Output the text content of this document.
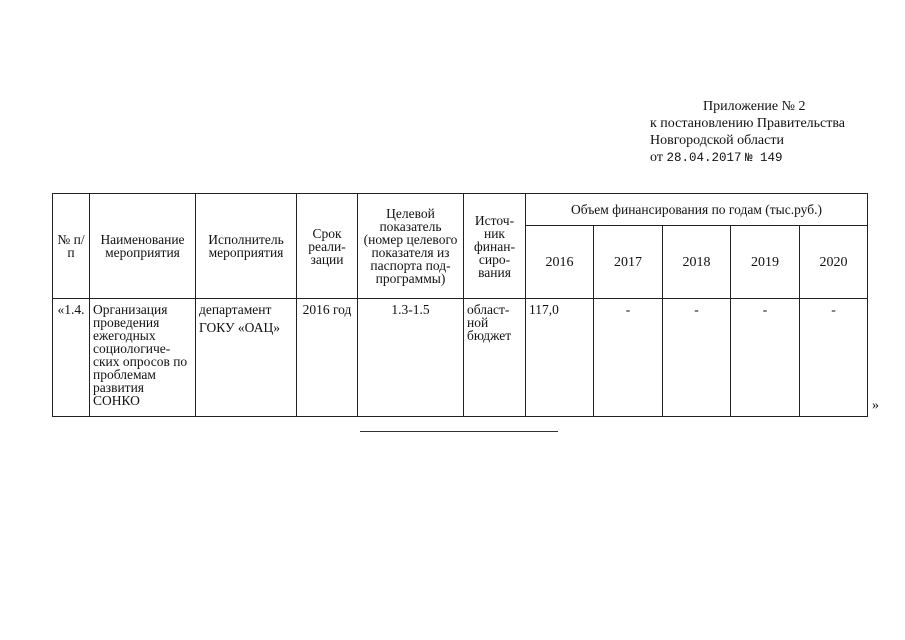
Приложение № 2
к постановлению Правительства
Новгородской области
от 28.04.2017 № 149
№ п/п	Наименование мероприятия	Исполнитель мероприятия	Срок реали- зации	Целевой показатель (номер целевого показателя из паспорта под- программы)	Источ- ник финан- сиро- вания	Объем финансирования по годам (тыс.руб.)				
						2016	2017	2018	2019	2020
«1.4.	Организация проведения ежегодных социологиче- ских опросов по проблемам развития СОНКО	департамент
ГОКУ «ОАЦ»	2016 год	1.3-1.5	област- ной бюджет	117,0	-	-	-	-
»
